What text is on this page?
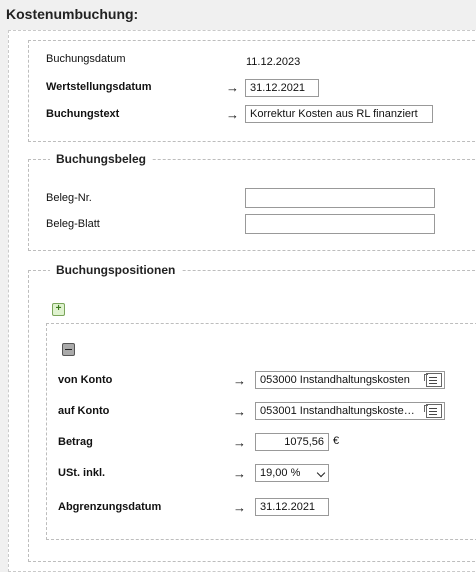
Kostenumbuchung:
Buchungsdatum	11.12.2023
Wertstellungsdatum	→	31.12.2021
Buchungstext	→	Korrektur Kosten aus RL finanziert
Buchungsbeleg
Beleg-Nr.
Beleg-Blatt
Buchungspositionen
+
von Konto	→	053000 Instandhaltungskosten
auf Konto	→	053001 Instandhaltungskoste…
Betrag	→	1075,56 €
USt. inkl.	→	19,00 %
Abgrenzungsdatum	→	31.12.2021
